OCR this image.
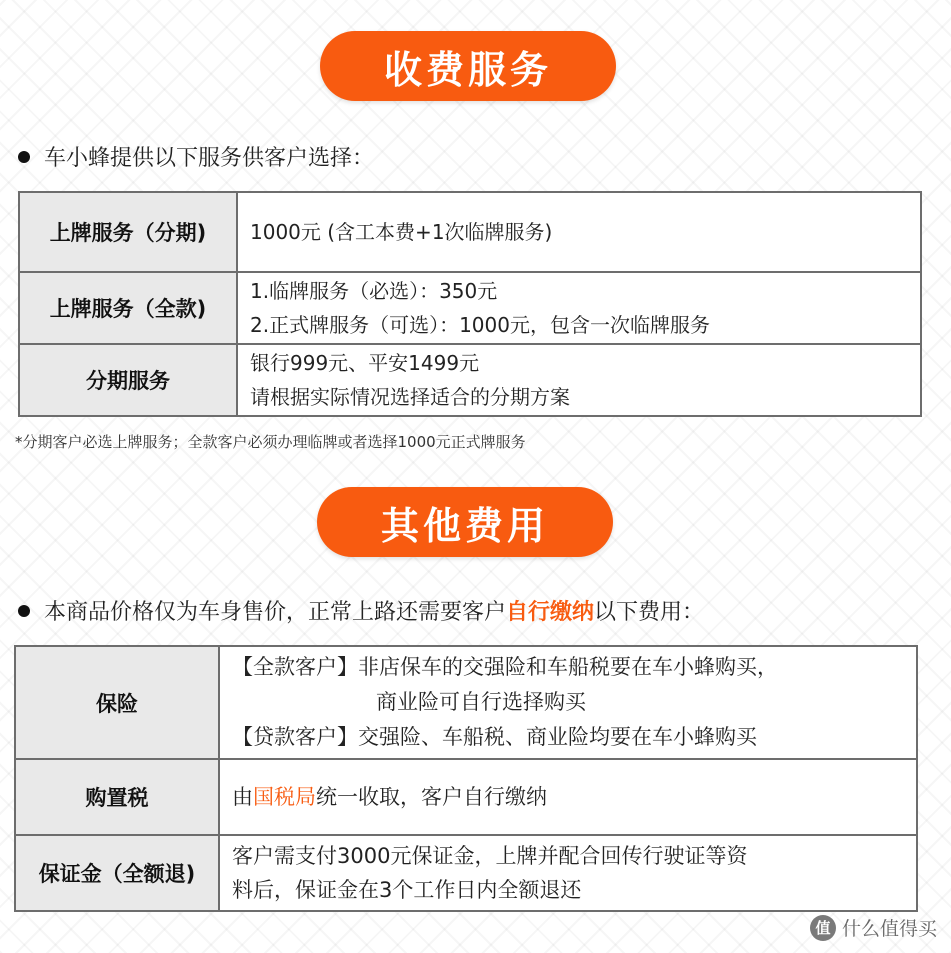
收费服务
车小蜂提供以下服务供客户选择：
上牌服务（分期)	1000元 (含工本费+1次临牌服务)

上牌服务（全款)	1.临牌服务（必选）：350元
2.正式牌服务（可选）：1000元，包含一次临牌服务

分期服务	银行999元、平安1499元
请根据实际情况选择适合的分期方案
*分期客户必选上牌服务；全款客户必须办理临牌或者选择1000元正式牌服务
其他费用
本商品价格仅为车身售价，正常上路还需要客户 自行缴纳 以下费用：
保险	【全款客户】非店保车的交强险和车船税要在车小蜂购买，
商业险可自行选择购买
【贷款客户】交强险、车船税、商业险均要在车小蜂购买

购置税	由国税局统一收取，客户自行缴纳
保证金（全额退)	客户需支付3000元保证金，上牌并配合回传行驶证等资
料后，保证金在3个工作日内全额退还
值 什么值得买
